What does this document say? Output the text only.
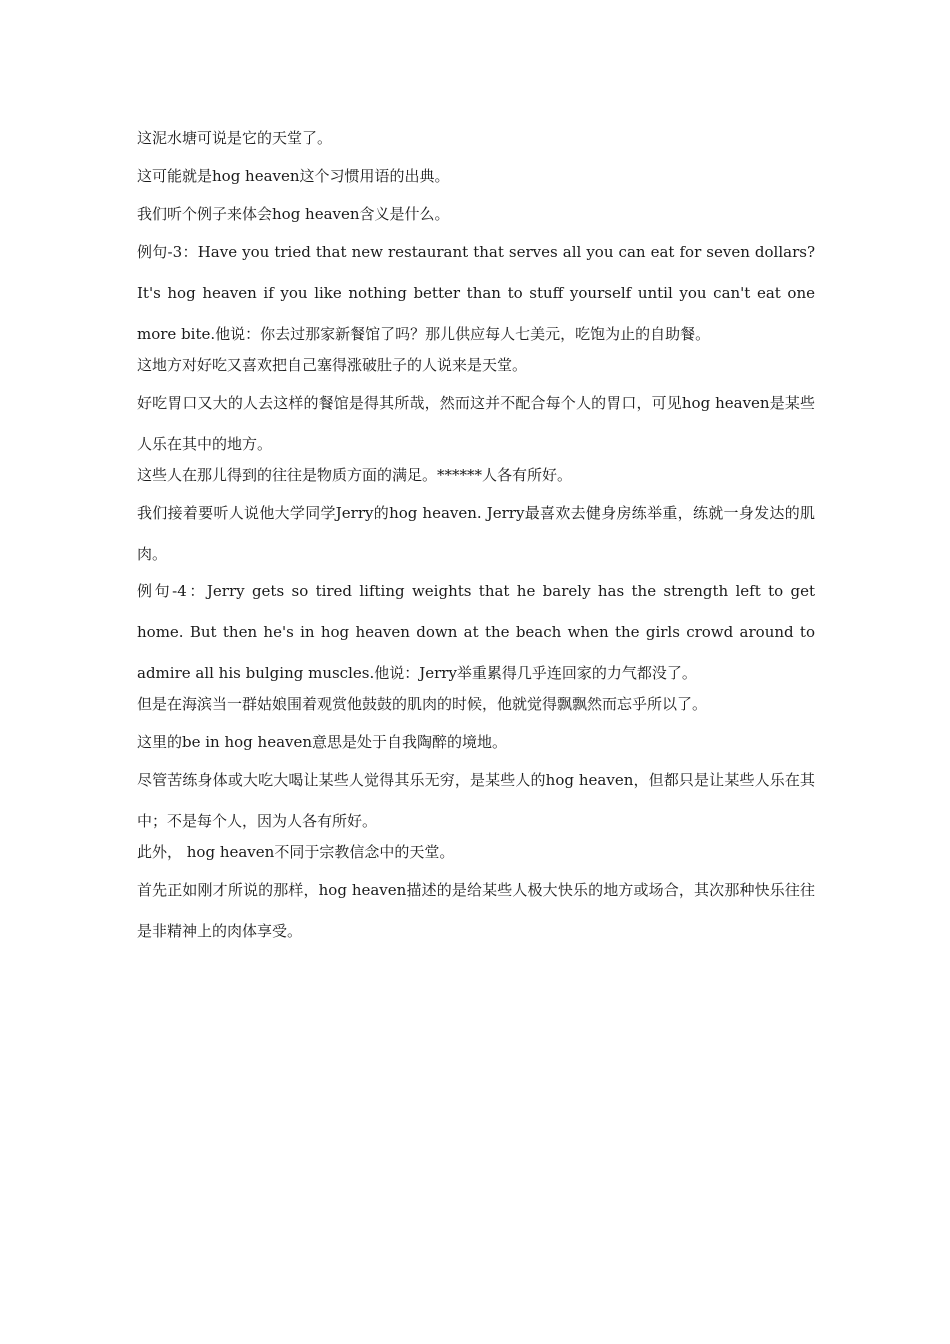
这泥水塘可说是它的天堂了。

这可能就是hog heaven这个习惯用语的出典。

我们听个例子来体会hog heaven含义是什么。

例句-3：Have you tried that new restaurant that serves all you can eat for seven dollars? It's hog heaven if you like nothing better than to stuff yourself until you can't eat one more bite.他说：你去过那家新餐馆了吗？那儿供应每人七美元，吃饱为止的自助餐。

这地方对好吃又喜欢把自己塞得涨破肚子的人说来是天堂。

好吃胃口又大的人去这样的餐馆是得其所哉，然而这并不配合每个人的胃口，可见hog heaven是某些人乐在其中的地方。

这些人在那儿得到的往往是物质方面的满足。******人各有所好。

我们接着要听人说他大学同学Jerry的hog heaven. Jerry最喜欢去健身房练举重，练就一身发达的肌肉。

例句-4：Jerry gets so tired lifting weights that he barely has the strength left to get home. But then he's in hog heaven down at the beach when the girls crowd around to admire all his bulging muscles.他说：Jerry举重累得几乎连回家的力气都没了。

但是在海滨当一群姑娘围着观赏他鼓鼓的肌肉的时候，他就觉得飘飘然而忘乎所以了。

这里的be in hog heaven意思是处于自我陶醉的境地。

尽管苦练身体或大吃大喝让某些人觉得其乐无穷，是某些人的hog heaven，但都只是让某些人乐在其中；不是每个人，因为人各有所好。

此外， hog heaven不同于宗教信念中的天堂。

首先正如刚才所说的那样，hog heaven描述的是给某些人极大快乐的地方或场合，其次那种快乐往往是非精神上的肉体享受。
